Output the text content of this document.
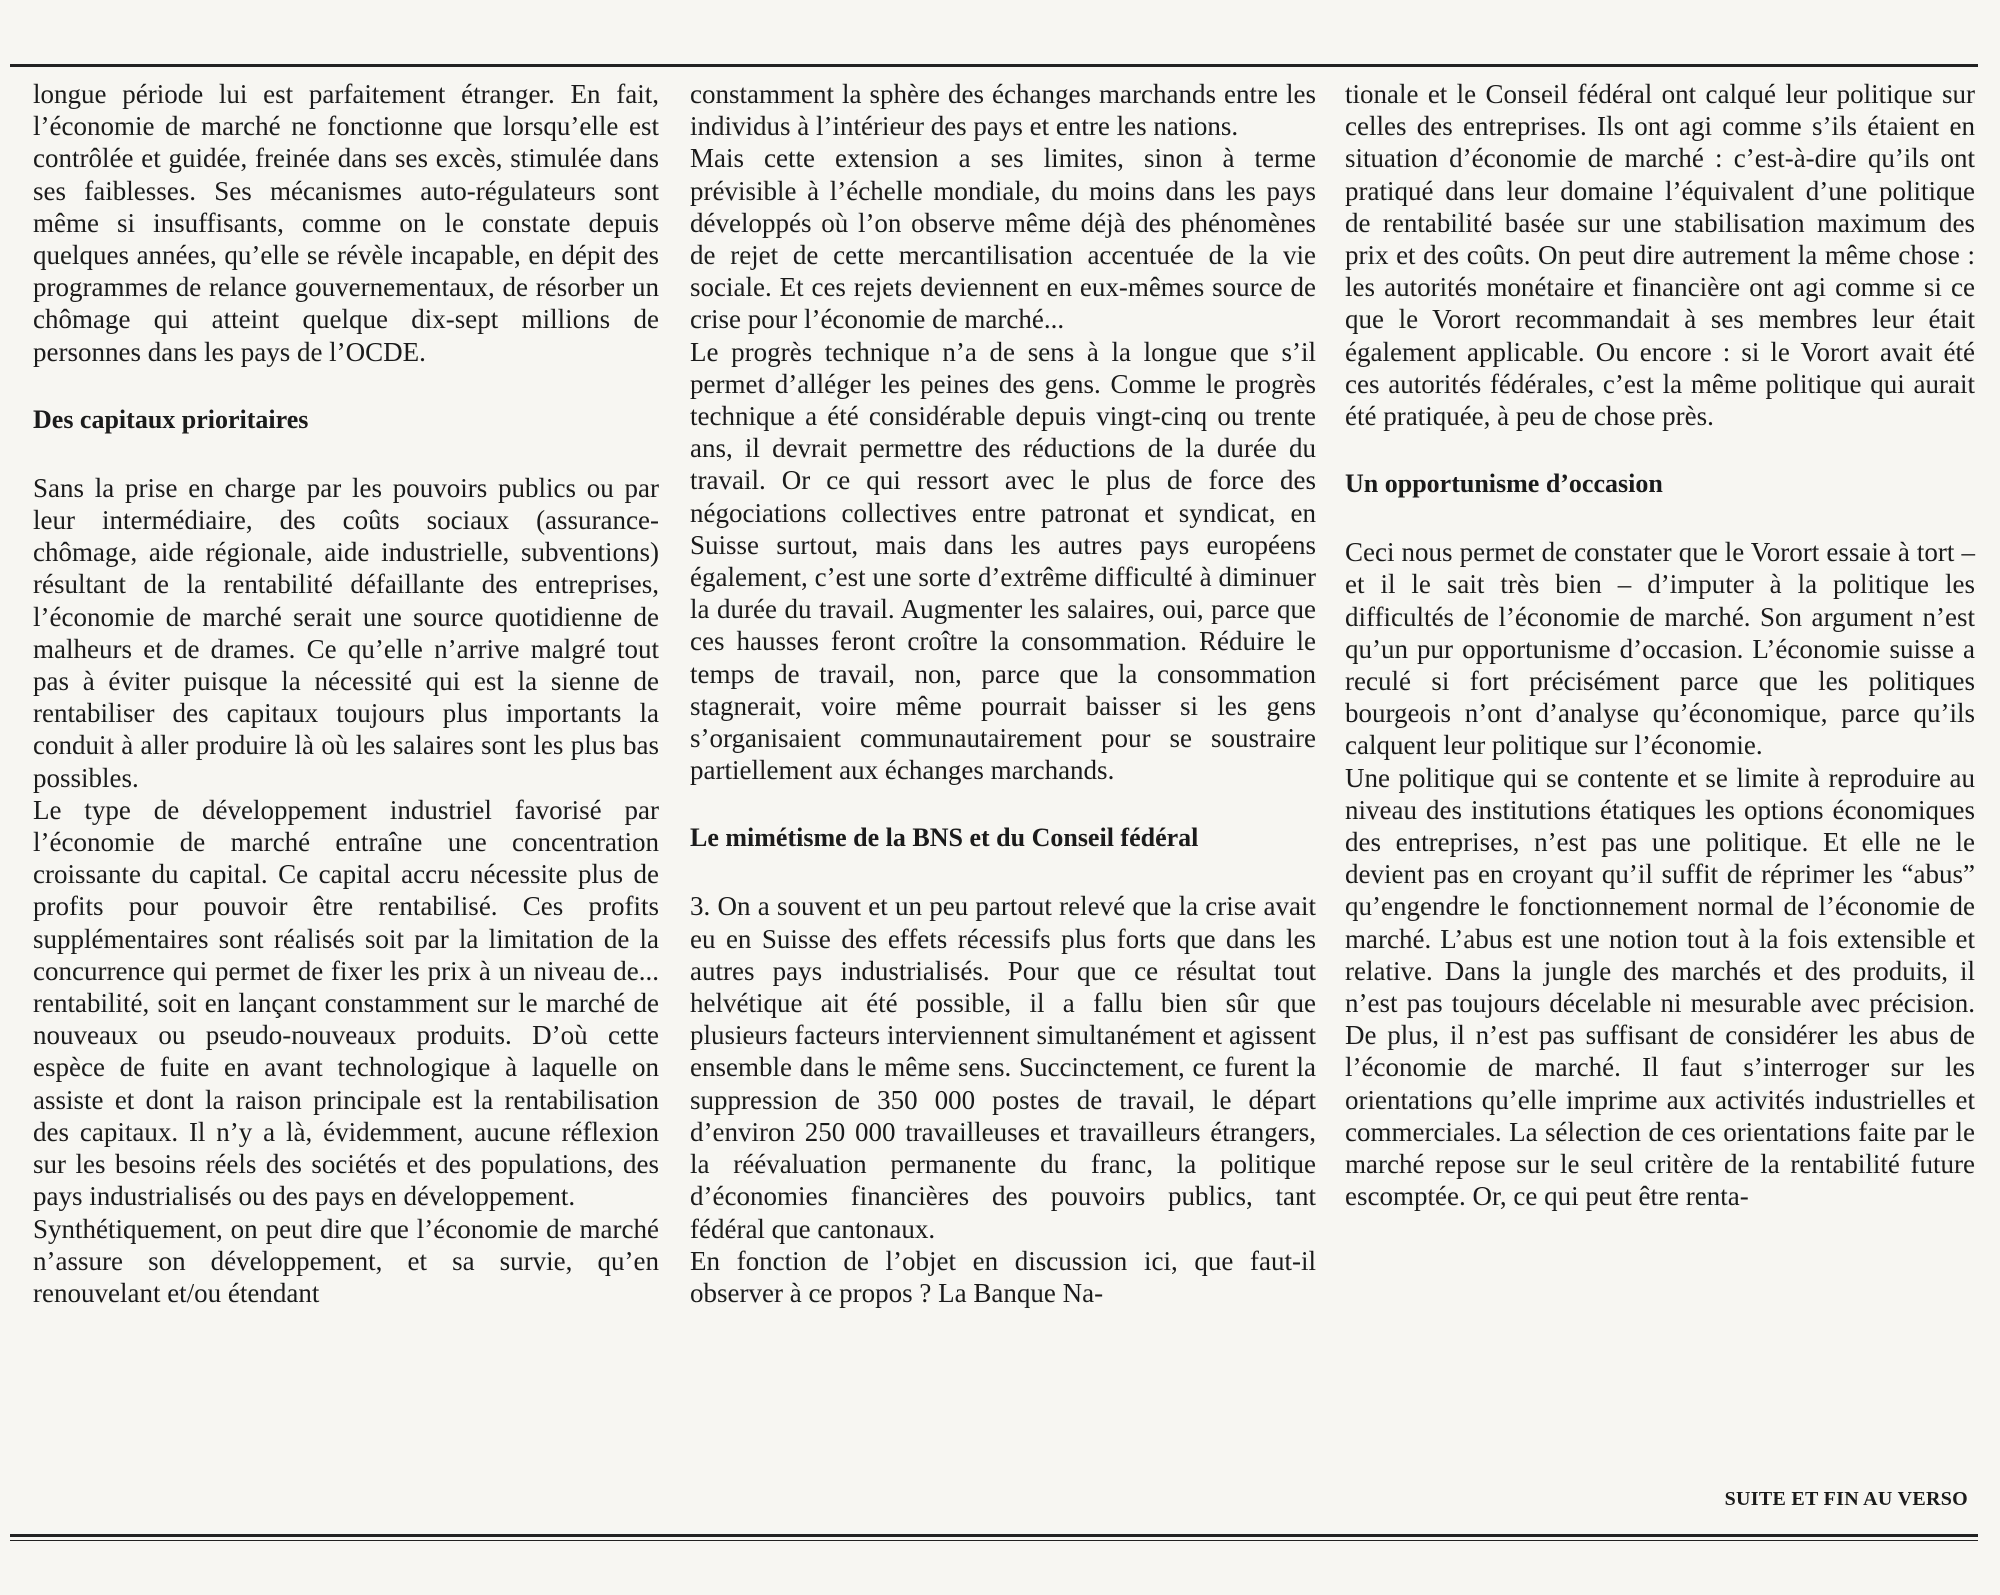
longue période lui est parfaitement étranger. En fait, l’économie de marché ne fonctionne que lorsqu’elle est contrôlée et guidée, freinée dans ses excès, stimulée dans ses faiblesses. Ses mécanismes auto-régulateurs sont même si insuffisants, comme on le constate depuis quelques années, qu’elle se révèle incapable, en dépit des programmes de relance gouvernementaux, de résorber un chômage qui atteint quelque dix-sept millions de personnes dans les pays de l’OCDE.

Des capitaux prioritaires

Sans la prise en charge par les pouvoirs publics ou par leur intermédiaire, des coûts sociaux (assurance-chômage, aide régionale, aide industrielle, subventions) résultant de la rentabilité défaillante des entreprises, l’économie de marché serait une source quotidienne de malheurs et de drames. Ce qu’elle n’arrive malgré tout pas à éviter puisque la nécessité qui est la sienne de rentabiliser des capitaux toujours plus importants la conduit à aller produire là où les salaires sont les plus bas possibles.

Le type de développement industriel favorisé par l’économie de marché entraîne une concentration croissante du capital. Ce capital accru nécessite plus de profits pour pouvoir être rentabilisé. Ces profits supplémentaires sont réalisés soit par la limitation de la concurrence qui permet de fixer les prix à un niveau de... rentabilité, soit en lançant constamment sur le marché de nouveaux ou pseudo-nouveaux produits. D’où cette espèce de fuite en avant technologique à laquelle on assiste et dont la raison principale est la rentabilisation des capitaux. Il n’y a là, évidemment, aucune réflexion sur les besoins réels des sociétés et des populations, des pays industrialisés ou des pays en développement.

Synthétiquement, on peut dire que l’économie de marché n’assure son développement, et sa survie, qu’en renouvelant et/ou étendant

constamment la sphère des échanges marchands entre les individus à l’intérieur des pays et entre les nations.

Mais cette extension a ses limites, sinon à terme prévisible à l’échelle mondiale, du moins dans les pays développés où l’on observe même déjà des phénomènes de rejet de cette mercantilisation accentuée de la vie sociale. Et ces rejets deviennent en eux-mêmes source de crise pour l’économie de marché...

Le progrès technique n’a de sens à la longue que s’il permet d’alléger les peines des gens. Comme le progrès technique a été considérable depuis vingt-cinq ou trente ans, il devrait permettre des réductions de la durée du travail. Or ce qui ressort avec le plus de force des négociations collectives entre patronat et syndicat, en Suisse surtout, mais dans les autres pays européens également, c’est une sorte d’extrême difficulté à diminuer la durée du travail. Augmenter les salaires, oui, parce que ces hausses feront croître la consommation. Réduire le temps de travail, non, parce que la consommation stagnerait, voire même pourrait baisser si les gens s’organisaient communautairement pour se soustraire partiellement aux échanges marchands.

Le mimétisme de la BNS et du Conseil fédéral

3. On a souvent et un peu partout relevé que la crise avait eu en Suisse des effets récessifs plus forts que dans les autres pays industrialisés. Pour que ce résultat tout helvétique ait été possible, il a fallu bien sûr que plusieurs facteurs interviennent simultanément et agissent ensemble dans le même sens. Succinctement, ce furent la suppression de 350 000 postes de travail, le départ d’environ 250 000 travailleuses et travailleurs étrangers, la réévaluation permanente du franc, la politique d’économies financières des pouvoirs publics, tant fédéral que cantonaux.

En fonction de l’objet en discussion ici, que faut-il observer à ce propos ? La Banque Na-

tionale et le Conseil fédéral ont calqué leur politique sur celles des entreprises. Ils ont agi comme s’ils étaient en situation d’économie de marché : c’est-à-dire qu’ils ont pratiqué dans leur domaine l’équivalent d’une politique de rentabilité basée sur une stabilisation maximum des prix et des coûts. On peut dire autrement la même chose : les autorités monétaire et financière ont agi comme si ce que le Vorort recommandait à ses membres leur était également applicable. Ou encore : si le Vorort avait été ces autorités fédérales, c’est la même politique qui aurait été pratiquée, à peu de chose près.

Un opportunisme d’occasion

Ceci nous permet de constater que le Vorort essaie à tort – et il le sait très bien – d’imputer à la politique les difficultés de l’économie de marché. Son argument n’est qu’un pur opportunisme d’occasion. L’économie suisse a reculé si fort précisément parce que les politiques bourgeois n’ont d’analyse qu’économique, parce qu’ils calquent leur politique sur l’économie.

Une politique qui se contente et se limite à reproduire au niveau des institutions étatiques les options économiques des entreprises, n’est pas une politique. Et elle ne le devient pas en croyant qu’il suffit de réprimer les “abus” qu’engendre le fonctionnement normal de l’économie de marché. L’abus est une notion tout à la fois extensible et relative. Dans la jungle des marchés et des produits, il n’est pas toujours décelable ni mesurable avec précision. De plus, il n’est pas suffisant de considérer les abus de l’économie de marché. Il faut s’interroger sur les orientations qu’elle imprime aux activités industrielles et commerciales. La sélection de ces orientations faite par le marché repose sur le seul critère de la rentabilité future escomptée. Or, ce qui peut être renta-

SUITE ET FIN AU VERSO
